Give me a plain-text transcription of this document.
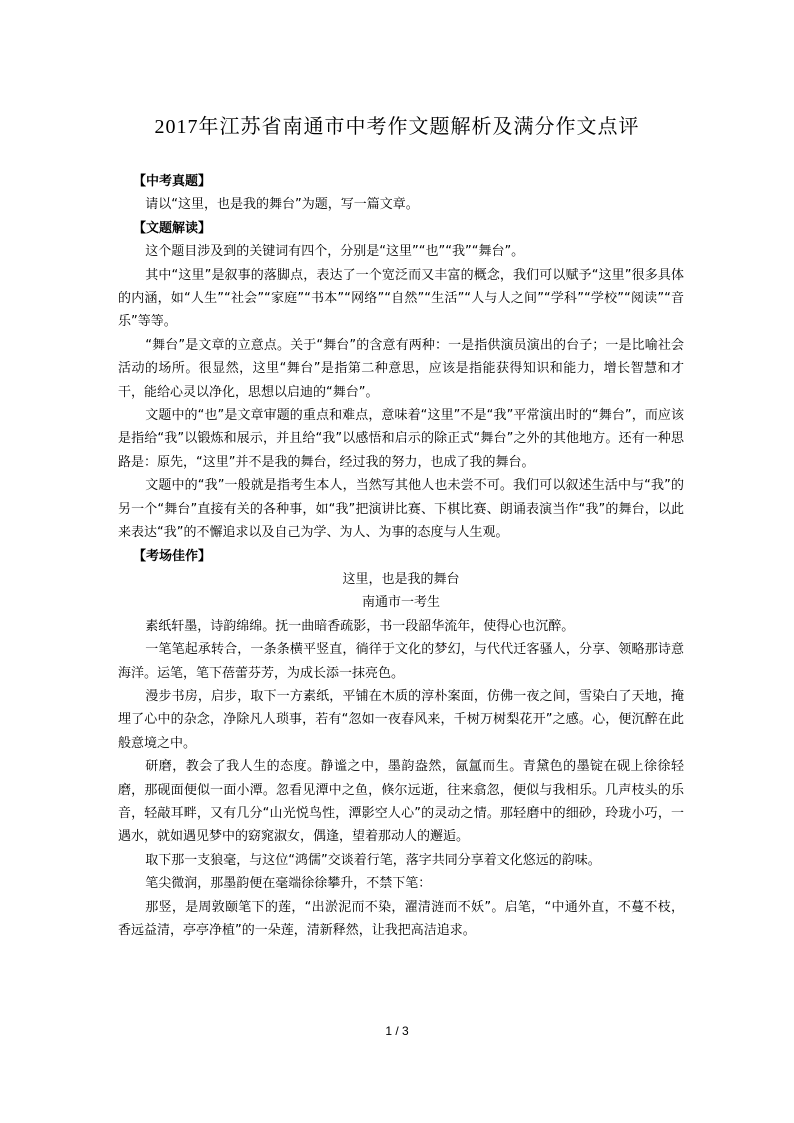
2017年江苏省南通市中考作文题解析及满分作文点评

【中考真题】

请以“这里，也是我的舞台”为题，写一篇文章。

【文题解读】

这个题目涉及到的关键词有四个，分别是“这里”“也”“我”“舞台”。

其中“这里”是叙事的落脚点，表达了一个宽泛而又丰富的概念，我们可以赋予“这里”很多具体的内涵，如“人生”“社会”“家庭”“书本”“网络”“自然”“生活”“人与人之间”“学科”“学校”“阅读”“音乐”等等。

“舞台”是文章的立意点。关于“舞台”的含意有两种：一是指供演员演出的台子；一是比喻社会活动的场所。很显然，这里“舞台”是指第二种意思，应该是指能获得知识和能力，增长智慧和才干，能给心灵以净化，思想以启迪的“舞台”。

文题中的“也”是文章审题的重点和难点，意味着“这里”不是“我”平常演出时的“舞台”，而应该是指给“我”以锻炼和展示，并且给“我”以感悟和启示的除正式“舞台”之外的其他地方。还有一种思路是：原先，“这里”并不是我的舞台，经过我的努力，也成了我的舞台。

文题中的“我”一般就是指考生本人，当然写其他人也未尝不可。我们可以叙述生活中与“我”的另一个“舞台”直接有关的各种事，如“我”把演讲比赛、下棋比赛、朗诵表演当作“我”的舞台，以此来表达“我”的不懈追求以及自己为学、为人、为事的态度与人生观。

【考场佳作】

这里，也是我的舞台

南通市一考生

素纸轩墨，诗韵绵绵。抚一曲暗香疏影，书一段韶华流年，使得心也沉醉。

一笔笔起承转合，一条条横平竖直，徜徉于文化的梦幻，与代代迁客骚人，分享、领略那诗意海洋。运笔，笔下蓓蕾芬芳，为成长添一抹亮色。

漫步书房，启步，取下一方素纸，平铺在木质的淳朴案面，仿佛一夜之间，雪染白了天地，掩埋了心中的杂念，净除凡人琐事，若有“忽如一夜春风来，千树万树梨花开”之感。心，便沉醉在此般意境之中。

研磨，教会了我人生的态度。静谧之中，墨韵盎然，氤氲而生。青黛色的墨锭在砚上徐徐轻磨，那砚面便似一面小潭。忽看见潭中之鱼，倏尔远逝，往来翕忽，便似与我相乐。几声枝头的乐音，轻敲耳畔，又有几分“山光悦鸟性，潭影空人心”的灵动之情。那轻磨中的细砂，玲珑小巧，一遇水，就如遇见梦中的窈窕淑女，偶逢，望着那动人的邂逅。

取下那一支狼毫，与这位“鸿儒”交谈着行笔，落字共同分享着文化悠远的韵味。

笔尖微润，那墨韵便在毫端徐徐攀升，不禁下笔：

那竖，是周敦颐笔下的莲，“出淤泥而不染，濯清涟而不妖”。启笔，“中通外直，不蔓不枝，香远益清，亭亭净植”的一朵莲，清新释然，让我把高洁追求。

1 / 3
